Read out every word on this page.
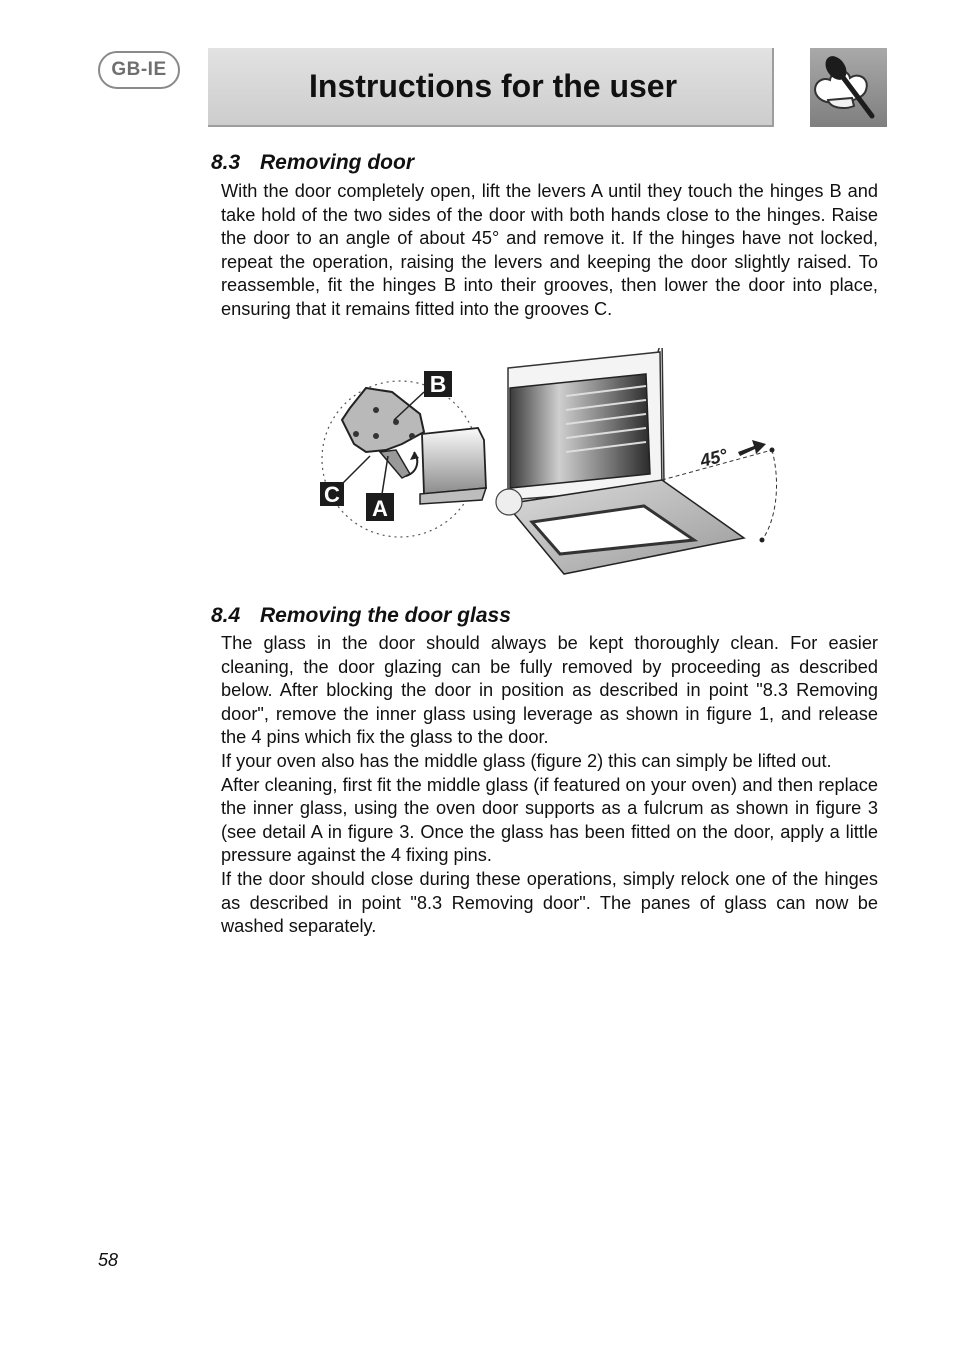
GB-IE	Instructions for the user
8.3 Removing door

With the door completely open, lift the levers A until they touch the hinges B and take hold of the two sides of the door with both hands close to the hinges. Raise the door to an angle of about 45° and remove it. If the hinges have not locked, repeat the operation, raising the levers and keeping the door slightly raised. To reassemble, fit the hinges B into their grooves, then lower the door into place, ensuring that it remains fitted into the grooves C.

B
C
A
45°
8.4 Removing the door glass

The glass in the door should always be kept thoroughly clean. For easier cleaning, the door glazing can be fully removed by proceeding as described below. After blocking the door in position as described in point "8.3 Removing door", remove the inner glass using leverage as shown in figure 1, and release the 4 pins which fix the glass to the door.

If your oven also has the middle glass (figure 2) this can simply be lifted out.

After cleaning, first fit the middle glass (if featured on your oven) and then replace the inner glass, using the oven door supports as a fulcrum as shown in figure 3 (see detail A in figure 3. Once the glass has been fitted on the door, apply a little pressure against the 4 fixing pins.

If the door should close during these operations, simply relock one of the hinges as described in point "8.3 Removing door". The panes of glass can now be washed separately.

58
